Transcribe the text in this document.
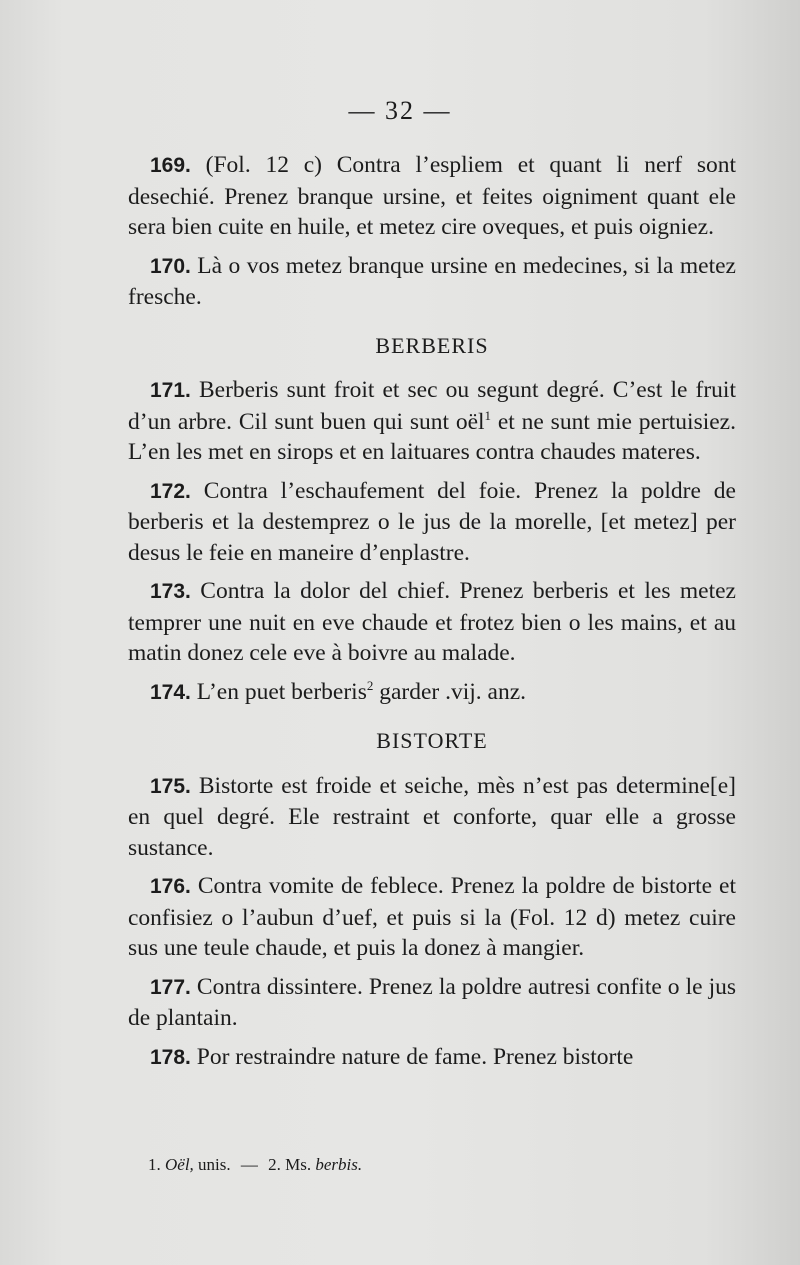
— 32 —

169. (Fol. 12 c) Contra l’espliem et quant li nerf sont desechié. Prenez branque ursine, et feites oigniment quant ele sera bien cuite en huile, et metez cire oveques, et puis oigniez.

170. Là o vos metez branque ursine en medecines, si la metez fresche.

BERBERIS

171. Berberis sunt froit et sec ou segunt degré. C’est le fruit d’un arbre. Cil sunt buen qui sunt oël$^1$ et ne sunt mie pertuisiez. L’en les met en sirops et en laituares contra chaudes materes.

172. Contra l’eschaufement del foie. Prenez la poldre de berberis et la destemprez o le jus de la morelle, [et metez] per desus le feie en maneire d’enplastre.

173. Contra la dolor del chief. Prenez berberis et les metez temprer une nuit en eve chaude et frotez bien o les mains, et au matin donez cele eve à boivre au malade.

174. L’en puet berberis$^2$ garder .vij. anz.

BISTORTE

175. Bistorte est froide et seiche, mès n’est pas determine[e] en quel degré. Ele restraint et conforte, quar elle a grosse sustance.

176. Contra vomite de feblece. Prenez la poldre de bistorte et confisiez o l’aubun d’uef, et puis si la (Fol. 12 d) metez cuire sus une teule chaude, et puis la donez à mangier.

177. Contra dissintere. Prenez la poldre autresi confite o le jus de plantain.

178. Por restraindre nature de fame. Prenez bistorte

1. Oël, unis. — 2. Ms. berbis.
